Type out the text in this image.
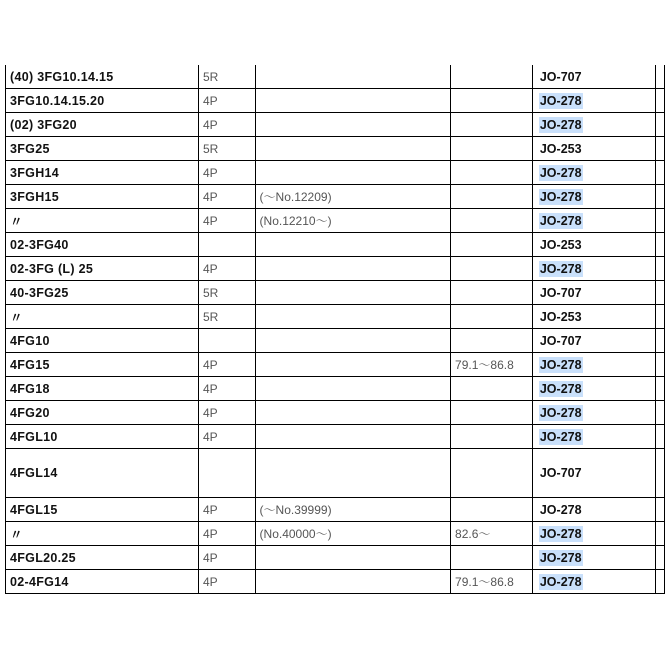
(40) 3FG10.14.15	5R			JO-707	
3FG10.14.15.20	4P			JO-278	
(02) 3FG20	4P			JO-278	
3FG25	5R			JO-253	
3FGH14	4P			JO-278	
3FGH15	4P	(～No.12209)		JO-278	
〃	4P	(No.12210～)		JO-278	
02-3FG40				JO-253	
02-3FG (L) 25	4P			JO-278	
40-3FG25	5R			JO-707	
〃	5R			JO-253	
4FG10				JO-707	
4FG15	4P		79.1～86.8	JO-278	
4FG18	4P			JO-278	
4FG20	4P			JO-278	
4FGL10	4P			JO-278	
4FGL14				JO-707	
4FGL15	4P	(～No.39999)		JO-278	
〃	4P	(No.40000～)	82.6～	JO-278	
4FGL20.25	4P			JO-278	
02-4FG14	4P		79.1～86.8	JO-278	
